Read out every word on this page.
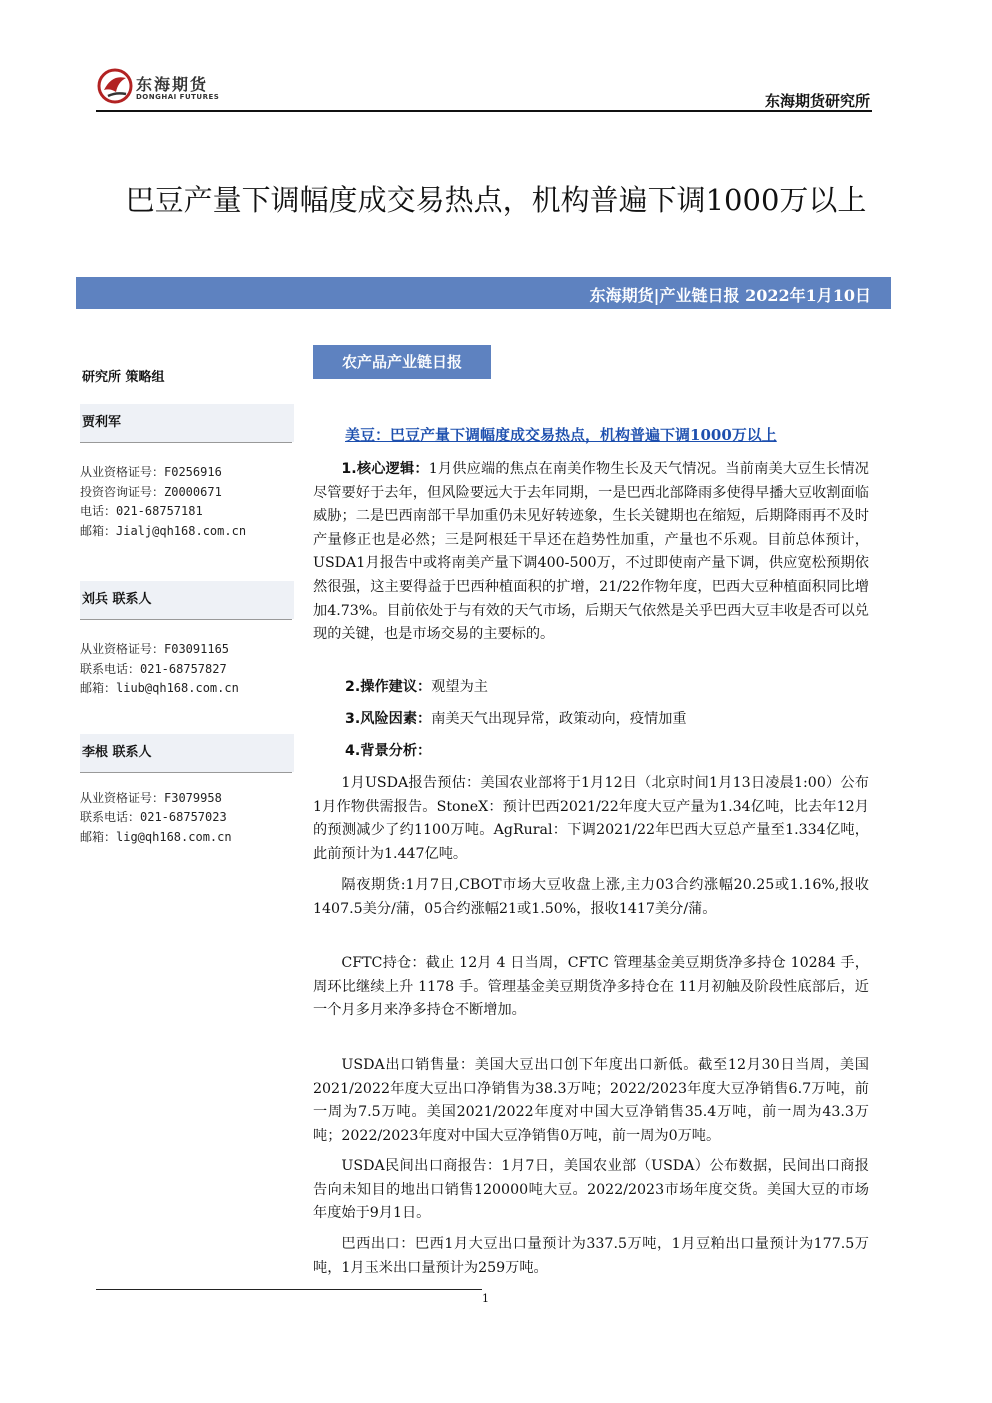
东海期货
DONGHAI FUTURES	东海期货研究所
巴豆产量下调幅度成交易热点，机构普遍下调1000万以上
东海期货|产业链日报 2022年1月10日
研究所 策略组
贾利军
从业资格证号：F0256916
投资咨询证号：Z0000671
电话：021-68757181
邮箱：Jialj@qh168.com.cn
刘兵 联系人
从业资格证号：F03091165
联系电话：021-68757827
邮箱：liub@qh168.com.cn
李根 联系人
从业资格证号：F3079958
联系电话：021-68757023
邮箱：lig@qh168.com.cn
农产品产业链日报
美豆：巴豆产量下调幅度成交易热点，机构普遍下调1000万以上

1.核心逻辑：1月供应端的焦点在南美作物生长及天气情况。当前南美大豆生长情况尽管要好于去年，但风险要远大于去年同期，一是巴西北部降雨多使得早播大豆收割面临威胁；二是巴西南部干旱加重仍未见好转迹象，生长关键期也在缩短，后期降雨再不及时产量修正也是必然；三是阿根廷干旱还在趋势性加重，产量也不乐观。目前总体预计，USDA1月报告中或将南美产量下调400-500万，不过即使南产量下调，供应宽松预期依然很强，这主要得益于巴西种植面积的扩增，21/22作物年度，巴西大豆种植面积同比增加4.73%。目前依处于与有效的天气市场，后期天气依然是关乎巴西大豆丰收是否可以兑现的关键，也是市场交易的主要标的。

2.操作建议：观望为主
3.风险因素：南美天气出现异常，政策动向，疫情加重
4.背景分析：

1月USDA报告预估：美国农业部将于1月12日（北京时间1月13日凌晨1:00）公布1月作物供需报告。StoneX：预计巴西2021/22年度大豆产量为1.34亿吨，比去年12月的预测减少了约1100万吨。AgRural：下调2021/22年巴西大豆总产量至1.334亿吨，此前预计为1.447亿吨。

隔夜期货:1月7日,CBOT市场大豆收盘上涨,主力03合约涨幅20.25或1.16%,报收1407.5美分/蒲，05合约涨幅21或1.50%，报收1417美分/蒲。

CFTC持仓：截止 12月 4 日当周，CFTC 管理基金美豆期货净多持仓 10284 手，周环比继续上升 1178 手。管理基金美豆期货净多持仓在 11月初触及阶段性底部后，近一个月多月来净多持仓不断增加。

USDA出口销售量：美国大豆出口创下年度出口新低。截至12月30日当周，美国2021/2022年度大豆出口净销售为38.3万吨；2022/2023年度大豆净销售6.7万吨，前一周为7.5万吨。美国2021/2022年度对中国大豆净销售35.4万吨，前一周为43.3万吨；2022/2023年度对中国大豆净销售0万吨，前一周为0万吨。

USDA民间出口商报告：1月7日，美国农业部（USDA）公布数据，民间出口商报告向未知目的地出口销售120000吨大豆。2022/2023市场年度交货。美国大豆的市场年度始于9月1日。

巴西出口：巴西1月大豆出口量预计为337.5万吨，1月豆粕出口量预计为177.5万吨，1月玉米出口量预计为259万吨。

1
